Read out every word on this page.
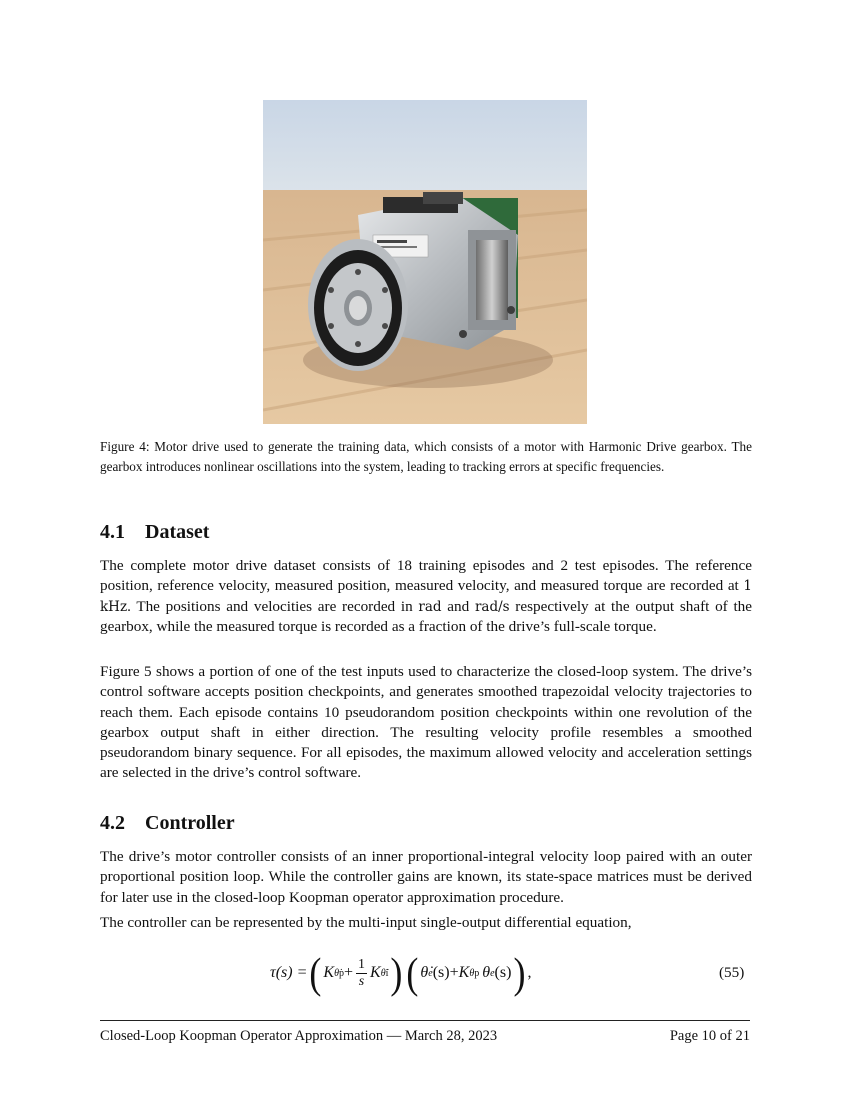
Figure 4: Motor drive used to generate the training data, which consists of a motor with Harmonic Drive gearbox. The gearbox introduces nonlinear oscillations into the system, leading to tracking errors at specific frequencies.
4.1 Dataset
The complete motor drive dataset consists of 18 training episodes and 2 test episodes. The reference position, reference velocity, measured position, measured velocity, and measured torque are recorded at 1 kHz. The positions and velocities are recorded in rad and rad/s respectively at the output shaft of the gearbox, while the measured torque is recorded as a fraction of the drive’s full-scale torque.
Figure 5 shows a portion of one of the test inputs used to characterize the closed-loop system. The drive’s control software accepts position checkpoints, and generates smoothed trapezoidal velocity trajectories to reach them. Each episode contains 10 pseudorandom position checkpoints within one revolution of the gearbox output shaft in either direction. The resulting velocity profile resembles a smoothed pseudorandom binary sequence. For all episodes, the maximum allowed velocity and acceleration settings are selected in the drive’s control software.
4.2 Controller
The drive’s motor controller consists of an inner proportional-integral velocity loop paired with an outer proportional position loop. While the controller gains are known, its state-space matrices must be derived for later use in the closed-loop Koopman operator approximation procedure.
The controller can be represented by the multi-input single-output differential equation,
τ(s) = ( K θ̇ $p + \frac{1}{s}$ K θ̇ i ) ( θ̇ e (s) + K θ p θ e (s) ) ,	(55)
Closed-Loop Koopman Operator Approximation — March 28, 2023	Page 10 of 21
